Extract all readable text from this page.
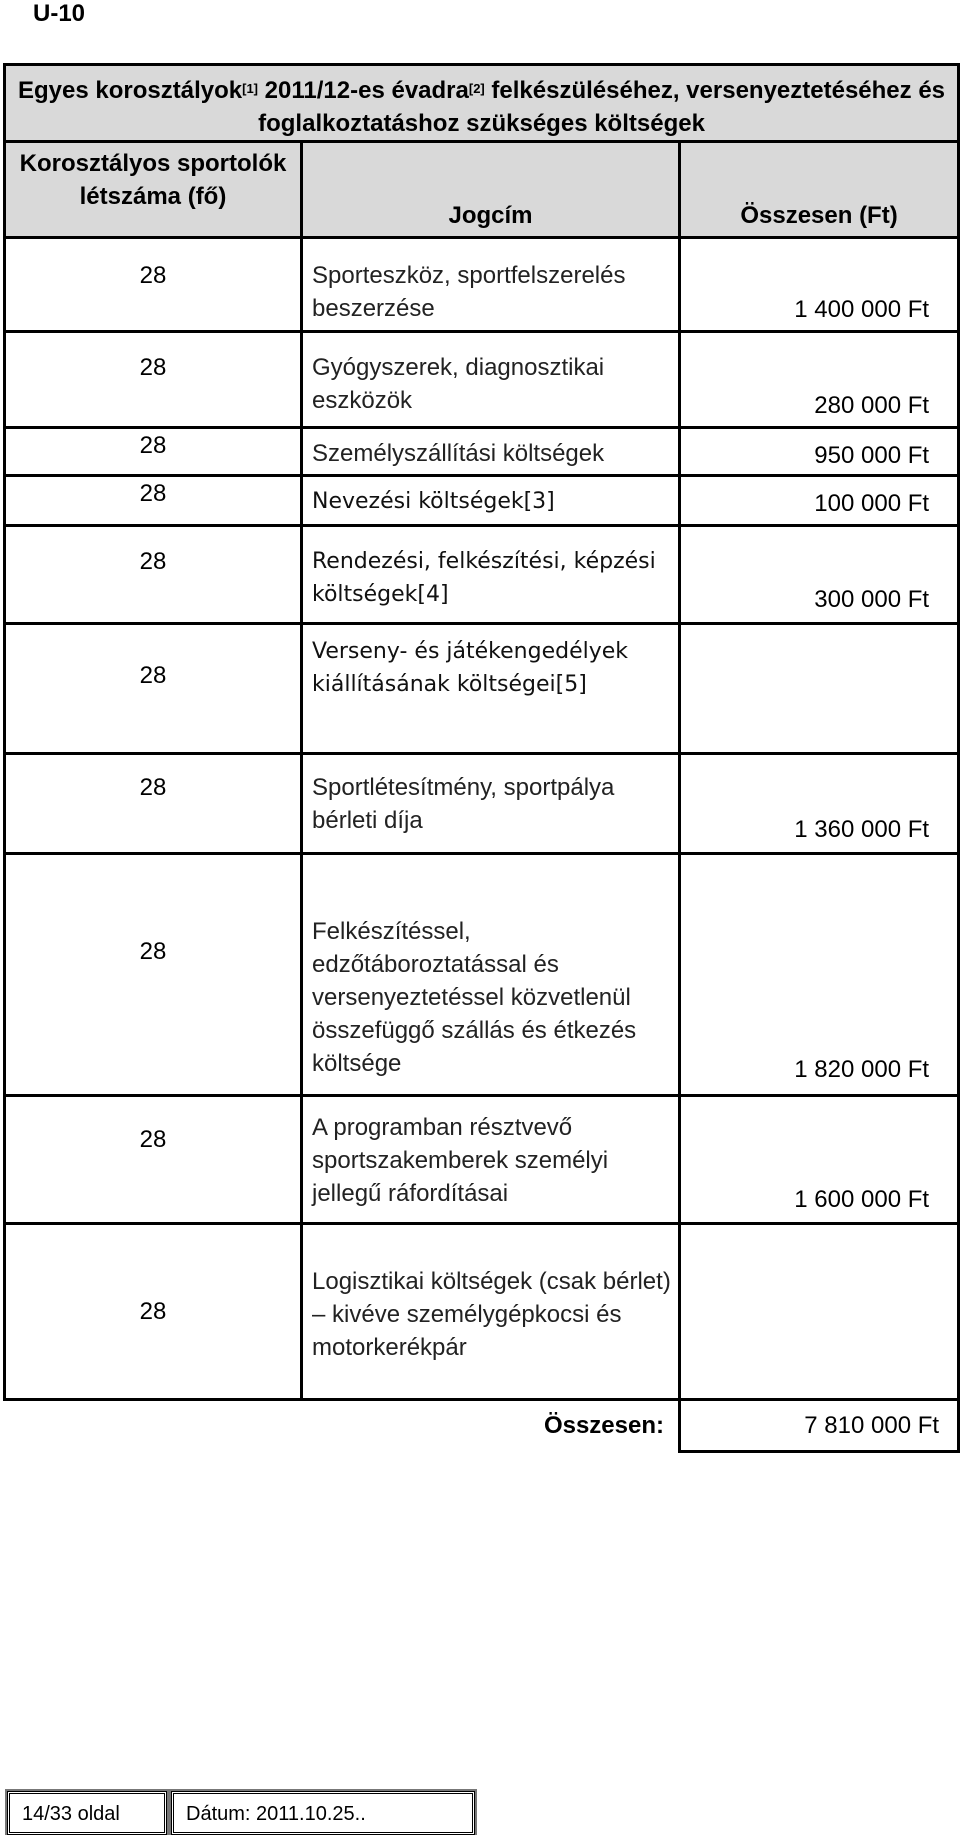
U-10
Egyes korosztályok[1] 2011/12-es évadra[2] felkészüléséhez, versenyeztetéséhez és foglalkoztatáshoz szükséges költségek		
Korosztályos sportolók létszáma (fő)	Jogcím	Összesen (Ft)
28	Sporteszköz, sportfelszerelés beszerzése	1 400 000 Ft
28	Gyógyszerek, diagnosztikai eszközök	280 000 Ft
28	Személyszállítási költségek	950 000 Ft
28	Nevezési költségek[3]	100 000 Ft
28	Rendezési, felkészítési, képzési költségek[4]	300 000 Ft
28	Verseny- és játékengedélyek kiállításának költségei[5]	
28	Sportlétesítmény, sportpálya bérleti díja	1 360 000 Ft
28	Felkészítéssel, edzőtáboroztatással és versenyeztetéssel közvetlenül összefüggő szállás és étkezés költsége	1 820 000 Ft
28	A programban résztvevő sportszakemberek személyi jellegű ráfordításai	1 600 000 Ft
28	Logisztikai költségek (csak bérlet) – kivéve személygépkocsi és motorkerékpár	
	Összesen:	7 810 000 Ft
14/33 oldal	Dátum: 2011.10.25..
